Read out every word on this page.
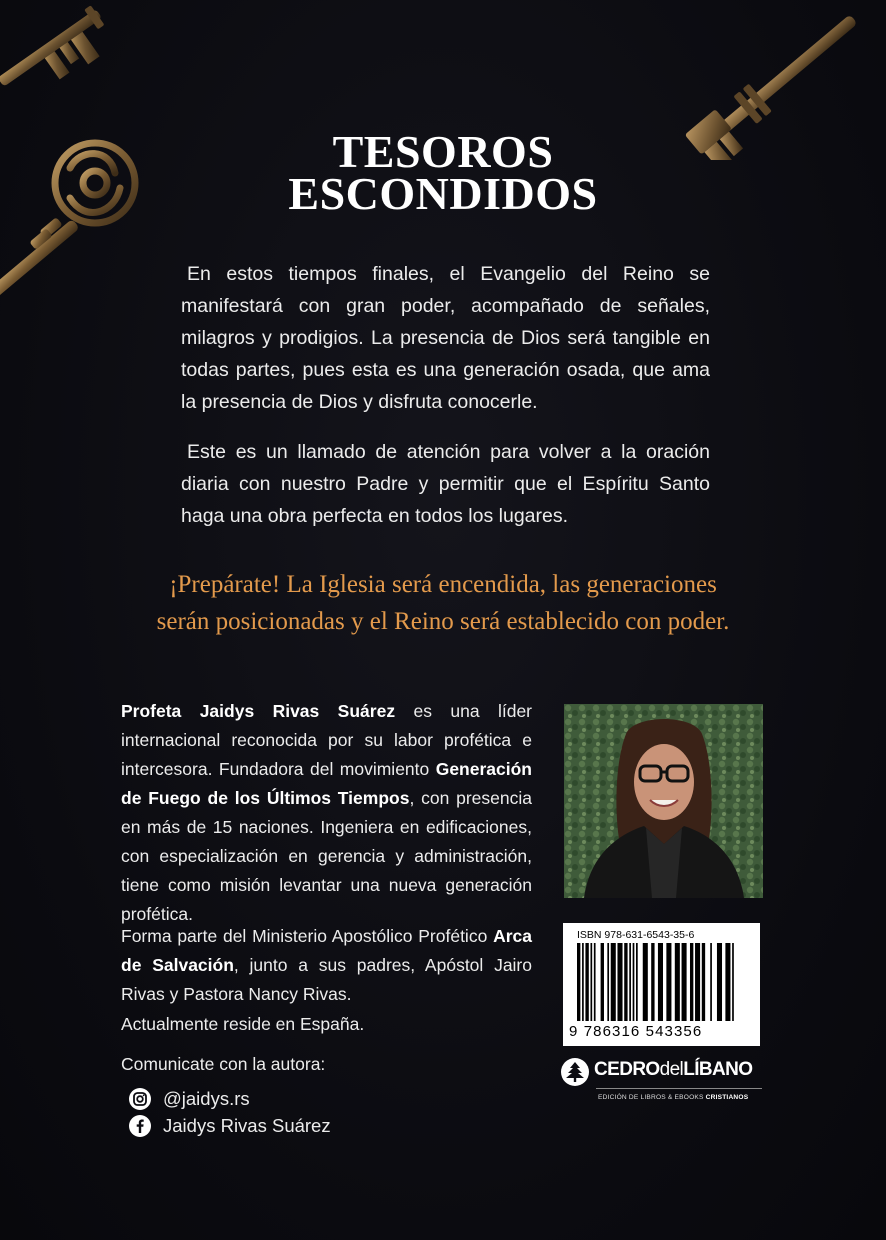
TESOROS
ESCONDIDOS

En estos tiempos finales, el Evangelio del Reino se manifestará con gran poder, acompañado de señales, milagros y prodigios. La presencia de Dios será tangible en todas partes, pues esta es una generación osada, que ama la presencia de Dios y disfruta conocerle.

Este es un llamado de atención para volver a la oración diaria con nuestro Padre y permitir que el Espíritu Santo haga una obra perfecta en todos los lugares.

¡Prepárate! La Iglesia será encendida, las generaciones
serán posicionadas y el Reino será establecido con poder.

Profeta Jaidys Rivas Suárez es una líder internacional reconocida por su labor profética e intercesora. Fundadora del movimiento Generación de Fuego de los Últimos Tiempos, con presencia en más de 15 naciones. Ingeniera en edificaciones, con especialización en gerencia y administración, tiene como misión levantar una nueva generación profética.

Forma parte del Ministerio Apostólico Profético Arca de Salvación, junto a sus padres, Apóstol Jairo Rivas y Pastora Nancy Rivas.

Actualmente reside en España.

Comunicate con la autora:

@jaidys.rs
Jaidys Rivas Suárez
ISBN 978-631-6543-35-6
9 786316 543356
CEDROdelLÍBANO
EDICIÓN DE LIBROS & EBOOKS CRISTIANOS
